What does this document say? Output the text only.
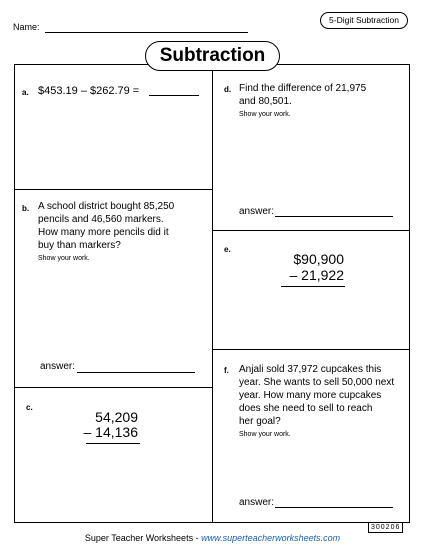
Name:
5-Digit Subtraction
Subtraction
a. $453.19 – $262.79 =
b. A school district bought 85,250
pencils and 46,560 markers.
How many more pencils did it
buy than markers?
Show your work.
answer:
c.
54,209
– 14,136
d. Find the difference of 21,975
and 80,501.
Show your work.
answer:
e.
$90,900
– 21,922
f. Anjali sold 37,972 cupcakes this
year. She wants to sell 50,000 next
year. How many more cupcakes
does she need to sell to reach
her goal?
Show your work.
answer:
300206
Super Teacher Worksheets - www.superteacherworksheets.com
